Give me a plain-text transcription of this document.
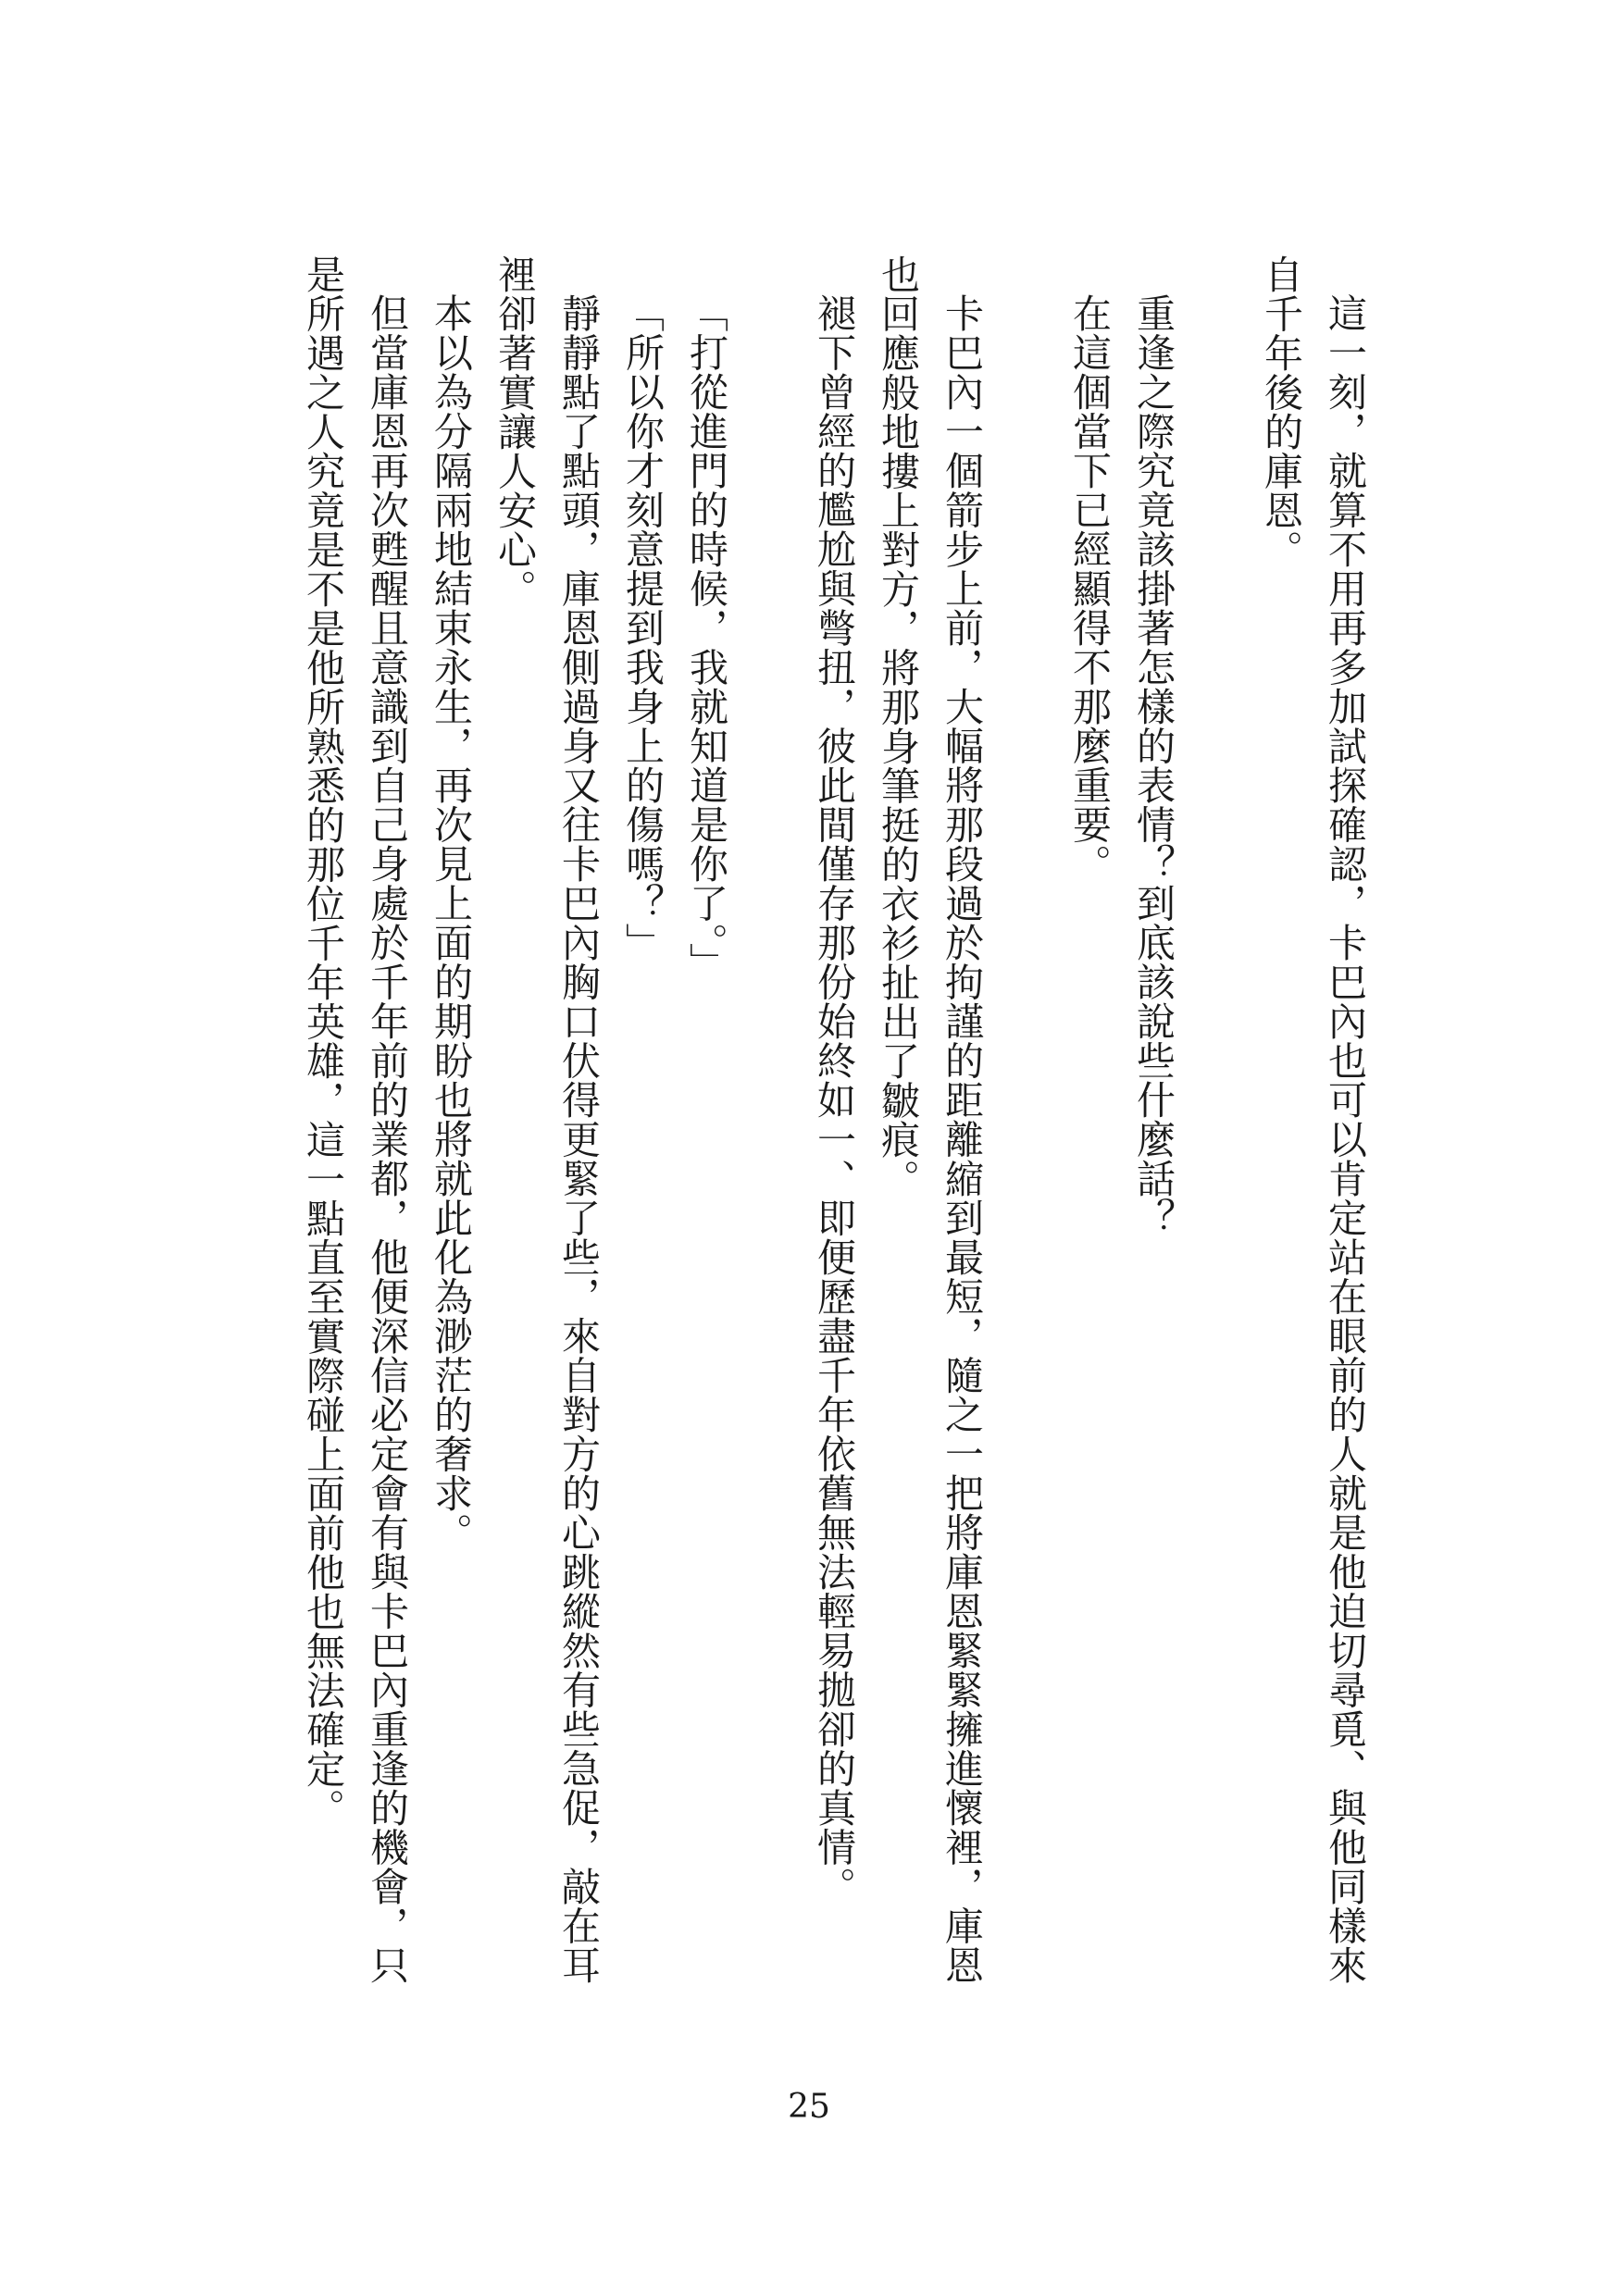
這一刻，就算不用再多加試探確認，卡巴內也可以肯定站在眼前的人就是他迫切尋覓、與他同樣來自千年後的庫恩。

重逢之際究竟該掛著怎樣的表情？到底該說些什麼話？

在這個當下已經顯得不那麼重要。

卡巴內一個箭步上前，大幅將那段過於拘謹的距離縮到最短，隨之一把將庫恩緊緊擁進懷裡，庫恩也回應般地摟上對方，將那身筆挺的衣衫扯出了皺痕。

褪下曾經的尷尬與彆扭，彼此間僅存那份始終如一、即便歷盡千年依舊無法輕易拋卻的真情。

「打從進門的時候，我就知道是你了。」

「所以你才刻意提到我身上的傷嗎？」

靜靜點了點頭，庫恩側過身又往卡巴內胸口伏得更緊了些，來自對方的心跳縱然有些急促，敲在耳裡卻著實讓人安心。

本以為分隔兩地結束永生，再次見上面的期盼也將就此化為渺茫的奢求。

但當庫恩再次甦醒且意識到自己身處於千年前的業都，他便深信必定會有與卡巴內重逢的機會，只是所遇之人究竟是不是他所熟悉的那位千年英雄，這一點直至實際碰上面前他也無法確定。

25
